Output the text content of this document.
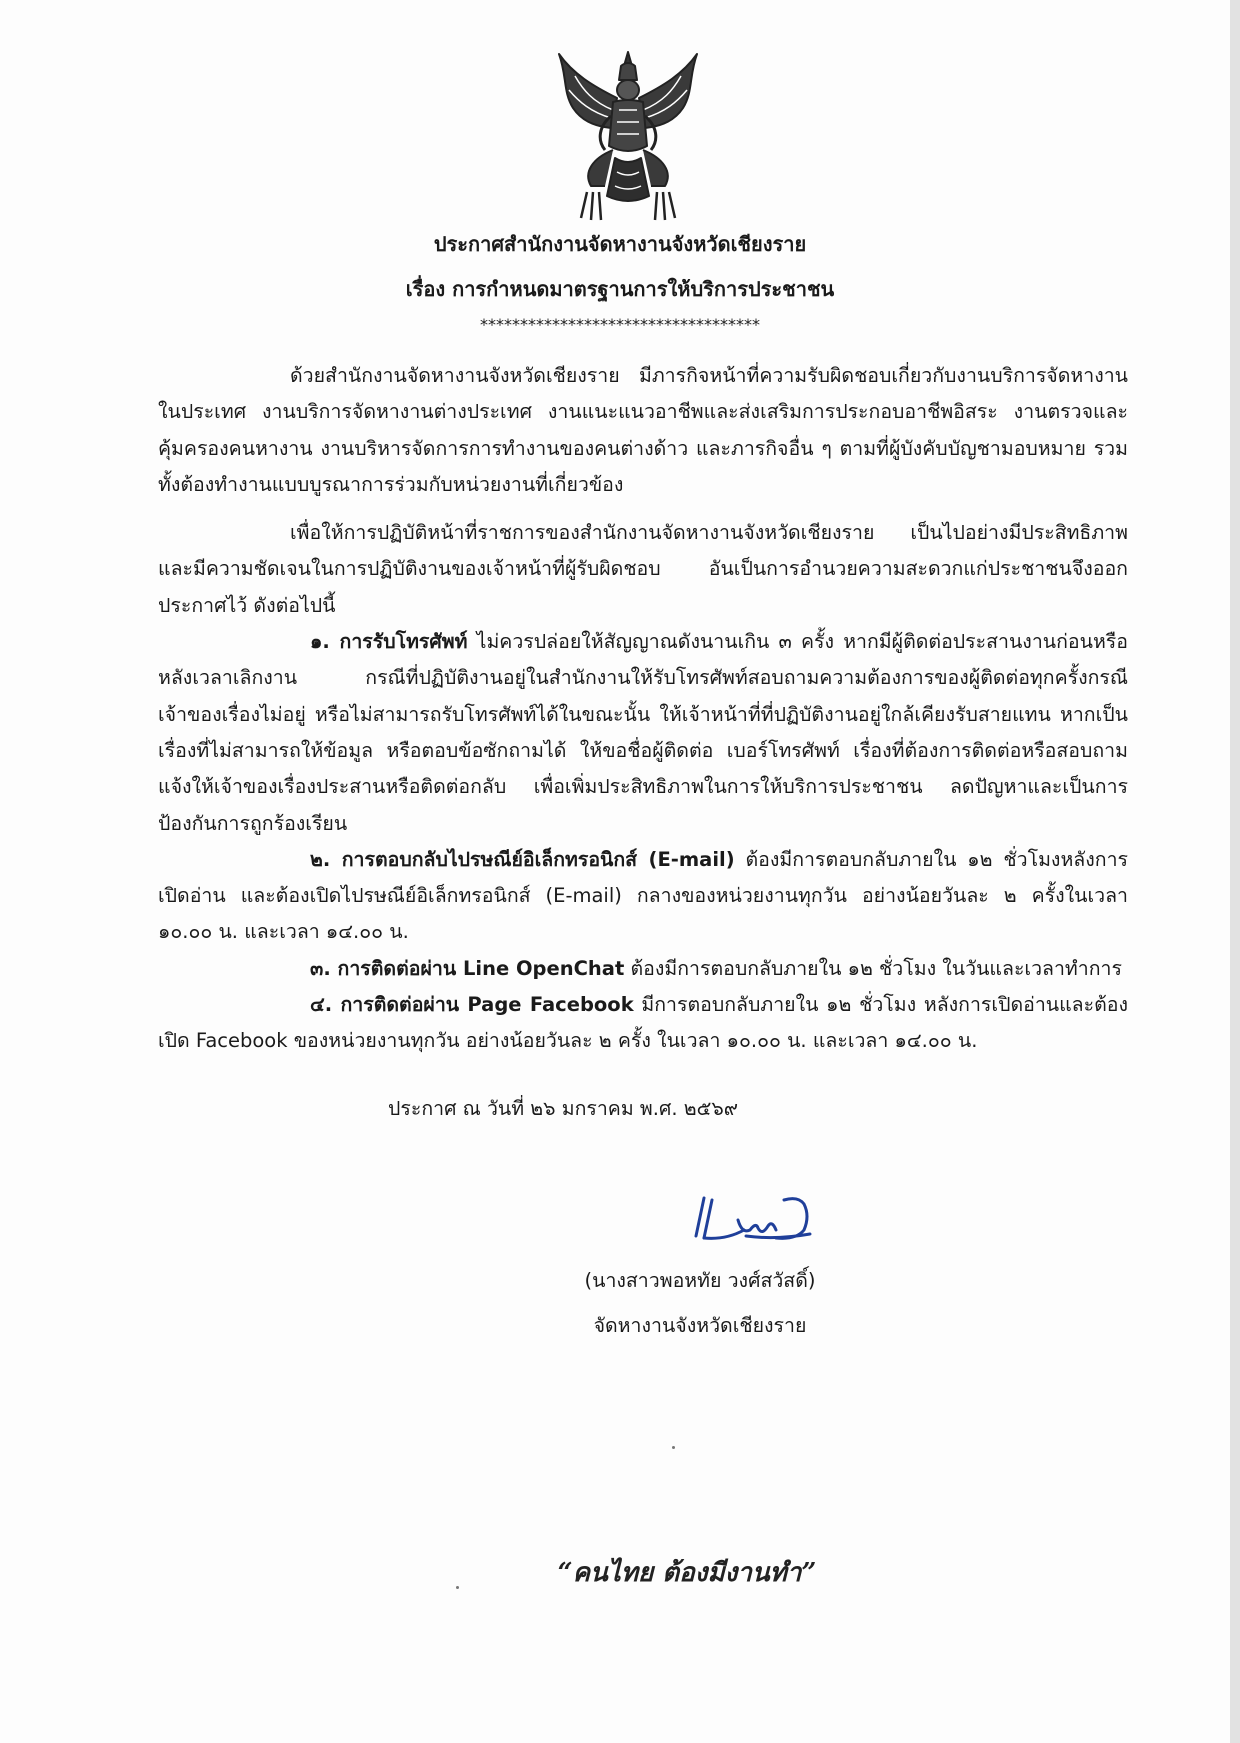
ประกาศสำนักงานจัดหางานจังหวัดเชียงราย
เรื่อง การกำหนดมาตรฐานการให้บริการประชาชน
***********************************

ด้วยสำนักงานจัดหางานจังหวัดเชียงราย มีภารกิจหน้าที่ความรับผิดชอบเกี่ยวกับงานบริการจัดหางานในประเทศ งานบริการจัดหางานต่างประเทศ งานแนะแนวอาชีพและส่งเสริมการประกอบอาชีพอิสระ งานตรวจและคุ้มครองคนหางาน งานบริหารจัดการการทำงานของคนต่างด้าว และภารกิจอื่น ๆ ตามที่ผู้บังคับบัญชามอบหมาย รวมทั้งต้องทำงานแบบบูรณาการร่วมกับหน่วยงานที่เกี่ยวข้อง

เพื่อให้การปฏิบัติหน้าที่ราชการของสำนักงานจัดหางานจังหวัดเชียงราย เป็นไปอย่างมีประสิทธิภาพ และมีความชัดเจนในการปฏิบัติงานของเจ้าหน้าที่ผู้รับผิดชอบ อันเป็นการอำนวยความสะดวกแก่ประชาชนจึงออกประกาศไว้ ดังต่อไปนี้

๑. การรับโทรศัพท์ ไม่ควรปล่อยให้สัญญาณดังนานเกิน ๓ ครั้ง หากมีผู้ติดต่อประสานงานก่อนหรือหลังเวลาเลิกงาน กรณีที่ปฏิบัติงานอยู่ในสำนักงานให้รับโทรศัพท์สอบถามความต้องการของผู้ติดต่อทุกครั้งกรณีเจ้าของเรื่องไม่อยู่ หรือไม่สามารถรับโทรศัพท์ได้ในขณะนั้น ให้เจ้าหน้าที่ที่ปฏิบัติงานอยู่ใกล้เคียงรับสายแทน หากเป็นเรื่องที่ไม่สามารถให้ข้อมูล หรือตอบข้อซักถามได้ ให้ขอชื่อผู้ติดต่อ เบอร์โทรศัพท์ เรื่องที่ต้องการติดต่อหรือสอบถาม แจ้งให้เจ้าของเรื่องประสานหรือติดต่อกลับ เพื่อเพิ่มประสิทธิภาพในการให้บริการประชาชน ลดปัญหาและเป็นการป้องกันการถูกร้องเรียน

๒. การตอบกลับไปรษณีย์อิเล็กทรอนิกส์ (E-mail) ต้องมีการตอบกลับภายใน ๑๒ ชั่วโมงหลังการเปิดอ่าน และต้องเปิดไปรษณีย์อิเล็กทรอนิกส์ (E-mail) กลางของหน่วยงานทุกวัน อย่างน้อยวันละ ๒ ครั้งในเวลา ๑๐.๐๐ น. และเวลา ๑๔.๐๐ น.

๓. การติดต่อผ่าน Line OpenChat ต้องมีการตอบกลับภายใน ๑๒ ชั่วโมง ในวันและเวลาทำการ

๔. การติดต่อผ่าน Page Facebook มีการตอบกลับภายใน ๑๒ ชั่วโมง หลังการเปิดอ่านและต้องเปิด Facebook ของหน่วยงานทุกวัน อย่างน้อยวันละ ๒ ครั้ง ในเวลา ๑๐.๐๐ น. และเวลา ๑๔.๐๐ น.

ประกาศ ณ วันที่ ๒๖ มกราคม พ.ศ. ๒๕๖๙
(นางสาวพอหทัย วงศ์สวัสดิ์)
จัดหางานจังหวัดเชียงราย
“คนไทย ต้องมีงานทำ”
